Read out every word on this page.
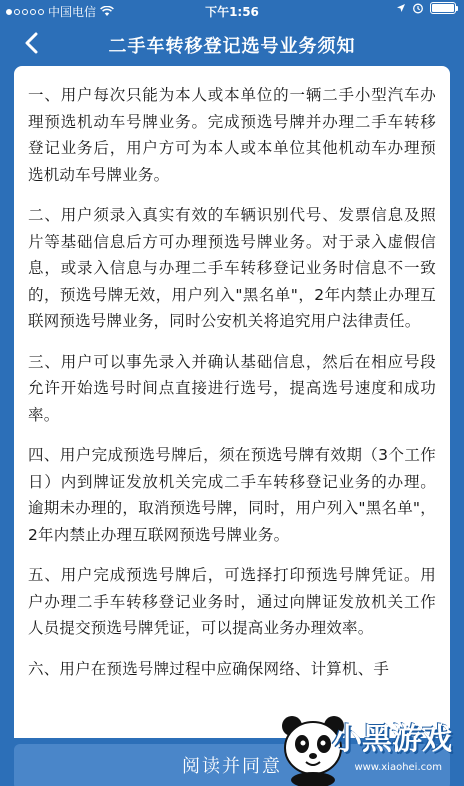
中国电信	下午1:56
二手车转移登记选号业务须知

一、用户每次只能为本人或本单位的一辆二手小型汽车办理预选机动车号牌业务。完成预选号牌并办理二手车转移登记业务后，用户方可为本人或本单位其他机动车办理预选机动车号牌业务。

二、用户须录入真实有效的车辆识别代号、发票信息及照片等基础信息后方可办理预选号牌业务。对于录入虚假信息，或录入信息与办理二手车转移登记业务时信息不一致的，预选号牌无效，用户列入"黑名单"，2年内禁止办理互联网预选号牌业务，同时公安机关将追究用户法律责任。

三、用户可以事先录入并确认基础信息，然后在相应号段允许开始选号时间点直接进行选号，提高选号速度和成功率。

四、用户完成预选号牌后，须在预选号牌有效期（3个工作日）内到牌证发放机关完成二手车转移登记业务的办理。逾期未办理的，取消预选号牌，同时，用户列入"黑名单"，2年内禁止办理互联网预选号牌业务。

五、用户完成预选号牌后，可选择打印预选号牌凭证。用户办理二手车转移登记业务时，通过向牌证发放机关工作人员提交预选号牌凭证，可以提高业务办理效率。

六、用户在预选号牌过程中应确保网络、计算机、手

阅读并同意
小黑游戏
www.xiaohei.com
